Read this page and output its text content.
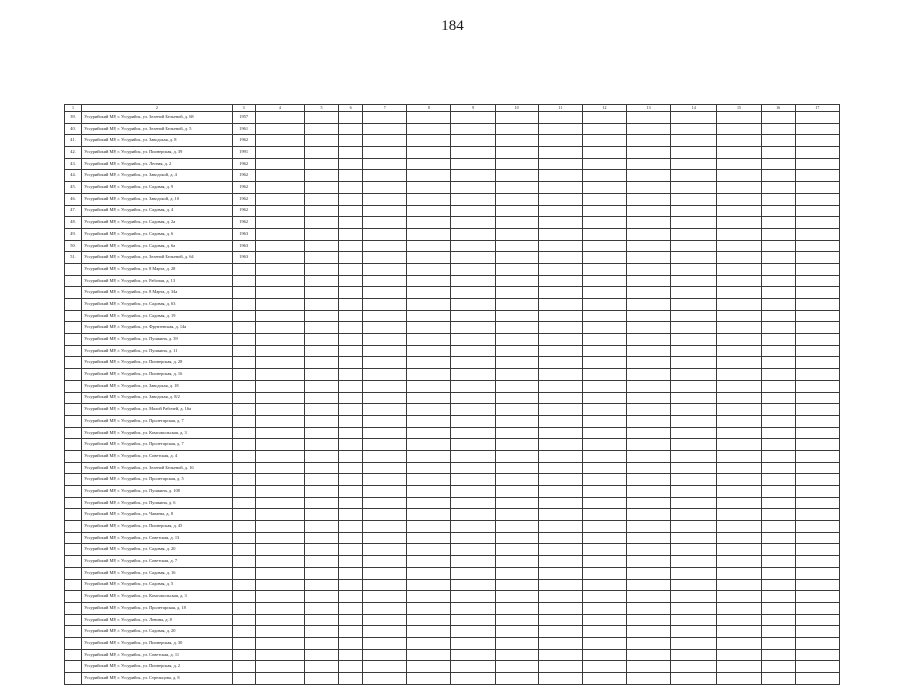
184
1	2	3	4	5	6	7	8	9	10	11	12	13	14	15	16	17
39.	Уссурийский МР, г. Уссурийск, ул. Зеленой Бельевой, д. 68	1957														
40.	Уссурийский МР, г. Уссурийск, ул. Зеленой Бельевой, д. 5	1961														
41.	Уссурийский МР, г. Уссурийск, ул. Заводская, д. 8	1962														
42.	Уссурийский МР, г. Уссурийск, ул. Пионерская, д. 39	1991														
43.	Уссурийский МР, г. Уссурийск, ул. Лесная, д. 2	1962														
44.	Уссурийский МР, г. Уссурийск, ул. Заводской, д. 4	1962														
45.	Уссурийский МР, г. Уссурийск, ул. Садовая, д. 9	1962														
46.	Уссурийский МР, г. Уссурийск, ул. Заводской, д. 10	1962														
47.	Уссурийский МР, г. Уссурийск, ул. Садовая, д. 4	1962														
48.	Уссурийский МР, г. Уссурийск, ул. Садовая, д. 2а	1962														
49.	Уссурийский МР, г. Уссурийск, ул. Садовая, д. 6	1963														
50.	Уссурийский МР, г. Уссурийск, ул. Садовая, д. 6а	1963														
51.	Уссурийский МР, г. Уссурийск, ул. Зеленой Бельевой, д. 64	1963														
	Уссурийский МР, г. Уссурийск, ул. 8 Марта, д. 28															
	Уссурийский МР, г. Уссурийск, ул. Рабочая, д. 13															
	Уссурийский МР, г. Уссурийск, ул. 8 Марта, д. 34а															
	Уссурийский МР, г. Уссурийск, ул. Садовая, д. 63															
	Уссурийский МР, г. Уссурийск, ул. Садовая, д. 19															
	Уссурийский МР, г. Уссурийск, ул. Фрунзенская, д. 14а															
	Уссурийский МР, г. Уссурийск, ул. Пушкина, д. 39															
	Уссурийский МР, г. Уссурийск, ул. Пушкина, д. 11															
	Уссурийский МР, г. Уссурийск, ул. Пионерская, д. 28															
	Уссурийский МР, г. Уссурийск, ул. Пионерская, д. 16															
	Уссурийский МР, г. Уссурийск, ул. Заводская, д. 18															
	Уссурийский МР, г. Уссурийск, ул. Заводская, д. 8/2															
	Уссурийский МР, г. Уссурийск, ул. Малой Рабочей, д. 16а															
	Уссурийский МР, г. Уссурийск, ул. Пролетарская, д. 7															
	Уссурийский МР, г. Уссурийск, ул. Комсомольская, д. 3															
	Уссурийский МР, г. Уссурийск, ул. Пролетарская, д. 7															
	Уссурийский МР, г. Уссурийск, ул. Советская, д. 4															
	Уссурийский МР, г. Уссурийск, ул. Зеленой Бельевой, д. 16															
	Уссурийский МР, г. Уссурийск, ул. Пролетарская, д. 5															
	Уссурийский МР, г. Уссурийск, ул. Пушкина, д. 108															
	Уссурийский МР, г. Уссурийск, ул. Пушкина, д. 6															
	Уссурийский МР, г. Уссурийск, ул. Чапаева, д. 8															
	Уссурийский МР, г. Уссурийск, ул. Пионерская, д. 45															
	Уссурийский МР, г. Уссурийск, ул. Советская, д. 13															
	Уссурийский МР, г. Уссурийск, ул. Садовая, д. 20															
	Уссурийский МР, г. Уссурийск, ул. Советская, д. 7															
	Уссурийский МР, г. Уссурийск, ул. Садовая, д. 16															
	Уссурийский МР, г. Уссурийск, ул. Садовая, д. 5															
	Уссурийский МР, г. Уссурийск, ул. Комсомольская, д. 3															
	Уссурийский МР, г. Уссурийск, ул. Пролетарская, д. 18															
	Уссурийский МР, г. Уссурийск, ул. Ленина, д. 8															
	Уссурийский МР, г. Уссурийск, ул. Садовая, д. 20															
	Уссурийский МР, г. Уссурийск, ул. Пионерская, д. 30															
	Уссурийский МР, г. Уссурийск, ул. Советская, д. 11															
	Уссурийский МР, г. Уссурийск, ул. Пионерская, д. 2															
	Уссурийский МР, г. Уссурийск, ул. Стрельцова, д. 8															
